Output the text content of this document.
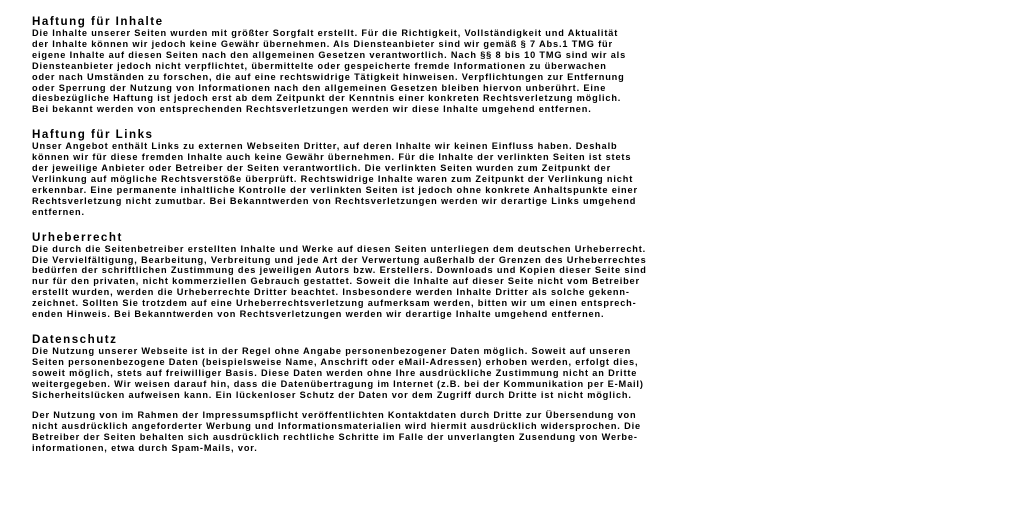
Haftung für Inhalte

Die Inhalte unserer Seiten wurden mit größter Sorgfalt erstellt. Für die Richtigkeit, Vollständigkeit und Aktualität

der Inhalte können wir jedoch keine Gewähr übernehmen. Als Diensteanbieter sind wir gemäß § 7 Abs.1 TMG für

eigene Inhalte auf diesen Seiten nach den allgemeinen Gesetzen verantwortlich. Nach §§ 8 bis 10 TMG sind wir als

Diensteanbieter jedoch nicht verpflichtet, übermittelte oder gespeicherte fremde Informationen zu überwachen

oder nach Umständen zu forschen, die auf eine rechtswidrige Tätigkeit hinweisen. Verpflichtungen zur Entfernung

oder Sperrung der Nutzung von Informationen nach den allgemeinen Gesetzen bleiben hiervon unberührt. Eine

diesbezügliche Haftung ist jedoch erst ab dem Zeitpunkt der Kenntnis einer konkreten Rechtsverletzung möglich.

Bei bekannt werden von entsprechenden Rechtsverletzungen werden wir diese Inhalte umgehend entfernen.

Haftung für Links

Unser Angebot enthält Links zu externen Webseiten Dritter, auf deren Inhalte wir keinen Einfluss haben. Deshalb

können wir für diese fremden Inhalte auch keine Gewähr übernehmen. Für die Inhalte der verlinkten Seiten ist stets

der jeweilige Anbieter oder Betreiber der Seiten verantwortlich. Die verlinkten Seiten wurden zum Zeitpunkt der

Verlinkung auf mögliche Rechtsverstöße überprüft. Rechtswidrige Inhalte waren zum Zeitpunkt der Verlinkung nicht

erkennbar. Eine permanente inhaltliche Kontrolle der verlinkten Seiten ist jedoch ohne konkrete Anhaltspunkte einer

Rechtsverletzung nicht zumutbar. Bei Bekanntwerden von Rechtsverletzungen werden wir derartige Links umgehend

entfernen.

Urheberrecht

Die durch die Seitenbetreiber erstellten Inhalte und Werke auf diesen Seiten unterliegen dem deutschen Urheberrecht.

Die Vervielfältigung, Bearbeitung, Verbreitung und jede Art der Verwertung außerhalb der Grenzen des Urheberrechtes

bedürfen der schriftlichen Zustimmung des jeweiligen Autors bzw. Erstellers. Downloads und Kopien dieser Seite sind

nur für den privaten, nicht kommerziellen Gebrauch gestattet. Soweit die Inhalte auf dieser Seite nicht vom Betreiber

erstellt wurden, werden die Urheberrechte Dritter beachtet. Insbesondere werden Inhalte Dritter als solche gekenn-

zeichnet. Sollten Sie trotzdem auf eine Urheberrechtsverletzung aufmerksam werden, bitten wir um einen entsprech-

enden Hinweis. Bei Bekanntwerden von Rechtsverletzungen werden wir derartige Inhalte umgehend entfernen.

Datenschutz

Die Nutzung unserer Webseite ist in der Regel ohne Angabe personenbezogener Daten möglich. Soweit auf unseren

Seiten personenbezogene Daten (beispielsweise Name, Anschrift oder eMail-Adressen) erhoben werden, erfolgt dies,

soweit möglich, stets auf freiwilliger Basis. Diese Daten werden ohne Ihre ausdrückliche Zustimmung nicht an Dritte

weitergegeben. Wir weisen darauf hin, dass die Datenübertragung im Internet (z.B. bei der Kommunikation per E-Mail)

Sicherheitslücken aufweisen kann. Ein lückenloser Schutz der Daten vor dem Zugriff durch Dritte ist nicht möglich.

Der Nutzung von im Rahmen der Impressumspflicht veröffentlichten Kontaktdaten durch Dritte zur Übersendung von

nicht ausdrücklich angeforderter Werbung und Informationsmaterialien wird hiermit ausdrücklich widersprochen. Die

Betreiber der Seiten behalten sich ausdrücklich rechtliche Schritte im Falle der unverlangten Zusendung von Werbe-

informationen, etwa durch Spam-Mails, vor.
